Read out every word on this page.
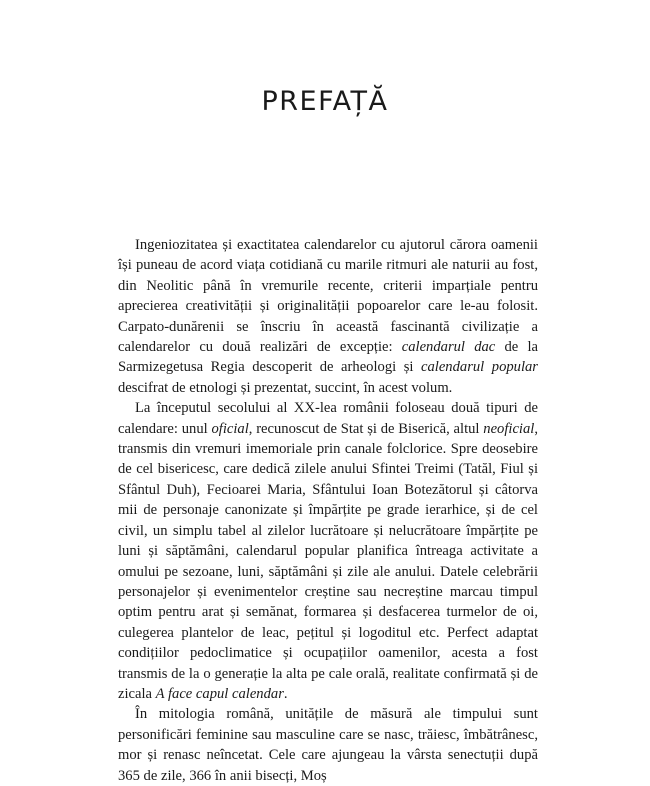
PREFAȚĂ

Ingeniozitatea și exactitatea calendarelor cu ajutorul cărora oamenii își puneau de acord viața cotidiană cu marile ritmuri ale naturii au fost, din Neolitic până în vremurile recente, criterii imparțiale pentru aprecierea creativității și originalității popoarelor care le-au folosit. Carpato-dunărenii se înscriu în această fascinantă civilizație a calendarelor cu două realizări de excepție: calendarul dac de la Sarmizegetusa Regia descoperit de arheologi și calendarul popular descifrat de etnologi și prezentat, succint, în acest volum.

La începutul secolului al XX-lea românii foloseau două tipuri de calendare: unul oficial, recunoscut de Stat și de Biserică, altul neoficial, transmis din vremuri imemoriale prin canale folclorice. Spre deosebire de cel bisericesc, care dedică zilele anului Sfintei Treimi (Tatăl, Fiul și Sfântul Duh), Fecioarei Maria, Sfântului Ioan Botezătorul și câtorva mii de personaje canonizate și împărțite pe grade ierarhice, și de cel civil, un simplu tabel al zilelor lucrătoare și nelucrătoare împărțite pe luni și săptămâni, calendarul popular planifica întreaga activitate a omului pe sezoane, luni, săptămâni și zile ale anului. Datele celebrării personajelor și evenimentelor creștine sau necreștine marcau timpul optim pentru arat și semănat, formarea și desfacerea turmelor de oi, culegerea plantelor de leac, pețitul și logoditul etc. Perfect adaptat condițiilor pedoclimatice și ocupațiilor oamenilor, acesta a fost transmis de la o generație la alta pe cale orală, realitate confirmată și de zicala A face capul calendar.

În mitologia română, unitățile de măsură ale timpului sunt personificări feminine sau masculine care se nasc, trăiesc, îmbătrânesc, mor și renasc neîncetat. Cele care ajungeau la vârsta senectuții după 365 de zile, 366 în anii bisecți, Moș
